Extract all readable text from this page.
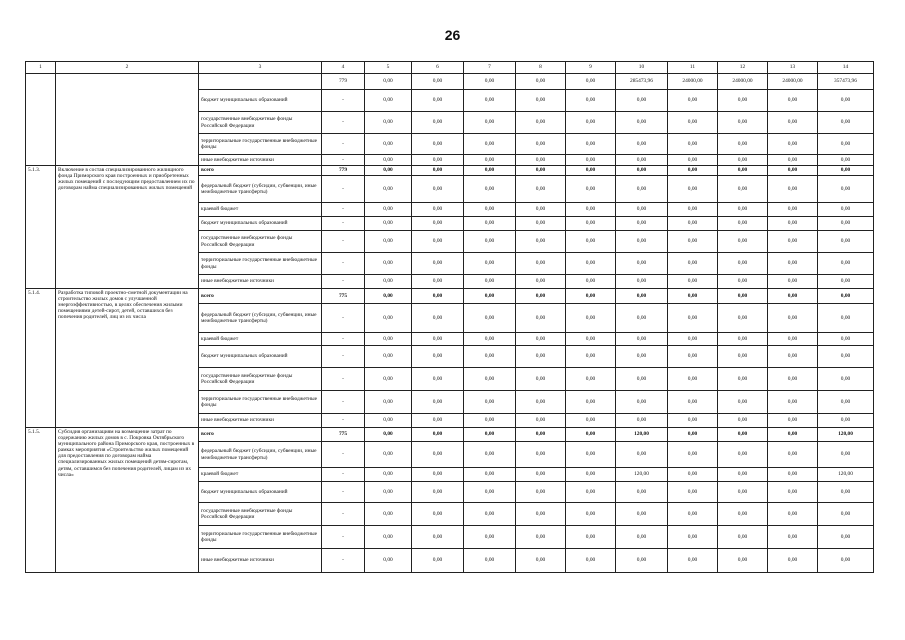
26
1	2	3	4	5	6	7	8	9	10	11	12	13	14
			779	0,00	0,00	0,00	0,00	0,00	285473,96	24000,00	24000,00	24000,00	357473,96
		бюджет муниципальных образований	-	0,00	0,00	0,00	0,00	0,00	0,00	0,00	0,00	0,00	0,00
		государственные внебюджетные фонды Российской Федерации	-	0,00	0,00	0,00	0,00	0,00	0,00	0,00	0,00	0,00	0,00
		территориальные государственные внебюджетные фонды	-	0,00	0,00	0,00	0,00	0,00	0,00	0,00	0,00	0,00	0,00
		иные внебюджетные источники	-	0,00	0,00	0,00	0,00	0,00	0,00	0,00	0,00	0,00	0,00
5.1.3.	Включение в состав специализированного жилищного фонда Приморского края построенных и приобретенных жилых помещений с последующим предоставлением их по договорам найма специализированных жилых помещений	всего	779	0,00	0,00	0,00	0,00	0,00	0,00	0,00	0,00	0,00	0,00
		федеральный бюджет (субсидии, субвенции, иные межбюджетные трансферты)	-	0,00	0,00	0,00	0,00	0,00	0,00	0,00	0,00	0,00	0,00
		краевой бюджет	-	0,00	0,00	0,00	0,00	0,00	0,00	0,00	0,00	0,00	0,00
		бюджет муниципальных образований	-	0,00	0,00	0,00	0,00	0,00	0,00	0,00	0,00	0,00	0,00
		государственные внебюджетные фонды Российской Федерации	-	0,00	0,00	0,00	0,00	0,00	0,00	0,00	0,00	0,00	0,00
		территориальные государственные внебюджетные фонды	-	0,00	0,00	0,00	0,00	0,00	0,00	0,00	0,00	0,00	0,00
		иные внебюджетные источники	-	0,00	0,00	0,00	0,00	0,00	0,00	0,00	0,00	0,00	0,00
5.1.4.	Разработка типовой проектно-сметной документации на строительство жилых домов с улучшенной энергоэффективностью, в целях обеспечения жилыми помещениями детей-сирот, детей, оставшихся без попечения родителей, лиц из их числа	всего	775	0,00	0,00	0,00	0,00	0,00	0,00	0,00	0,00	0,00	0,00
		федеральный бюджет (субсидии, субвенции, иные межбюджетные трансферты)	-	0,00	0,00	0,00	0,00	0,00	0,00	0,00	0,00	0,00	0,00
		краевой бюджет	-	0,00	0,00	0,00	0,00	0,00	0,00	0,00	0,00	0,00	0,00
		бюджет муниципальных образований	-	0,00	0,00	0,00	0,00	0,00	0,00	0,00	0,00	0,00	0,00
		государственные внебюджетные фонды Российской Федерации	-	0,00	0,00	0,00	0,00	0,00	0,00	0,00	0,00	0,00	0,00
		территориальные государственные внебюджетные фонды	-	0,00	0,00	0,00	0,00	0,00	0,00	0,00	0,00	0,00	0,00
		иные внебюджетные источники	-	0,00	0,00	0,00	0,00	0,00	0,00	0,00	0,00	0,00	0,00
5.1.5.	Субсидия организациям на возмещение затрат по содержанию жилых домов в с. Покровка Октябрьского муниципального района Приморского края, построенных в рамках мероприятия «Строительство жилых помещений для предоставления по договорам найма специализированных жилых помещений детям-сиротам, детям, оставшимся без попечения родителей, лицам из их числа»	всего	775	0,00	0,00	0,00	0,00	0,00	120,00	0,00	0,00	0,00	120,00
		федеральный бюджет (субсидии, субвенции, иные межбюджетные трансферты)	-	0,00	0,00	0,00	0,00	0,00	0,00	0,00	0,00	0,00	0,00
		краевой бюджет	-	0,00	0,00	0,00	0,00	0,00	120,00	0,00	0,00	0,00	120,00
		бюджет муниципальных образований	-	0,00	0,00	0,00	0,00	0,00	0,00	0,00	0,00	0,00	0,00
		государственные внебюджетные фонды Российской Федерации	-	0,00	0,00	0,00	0,00	0,00	0,00	0,00	0,00	0,00	0,00
		территориальные государственные внебюджетные фонды	-	0,00	0,00	0,00	0,00	0,00	0,00	0,00	0,00	0,00	0,00
		иные внебюджетные источники	-	0,00	0,00	0,00	0,00	0,00	0,00	0,00	0,00	0,00	0,00
